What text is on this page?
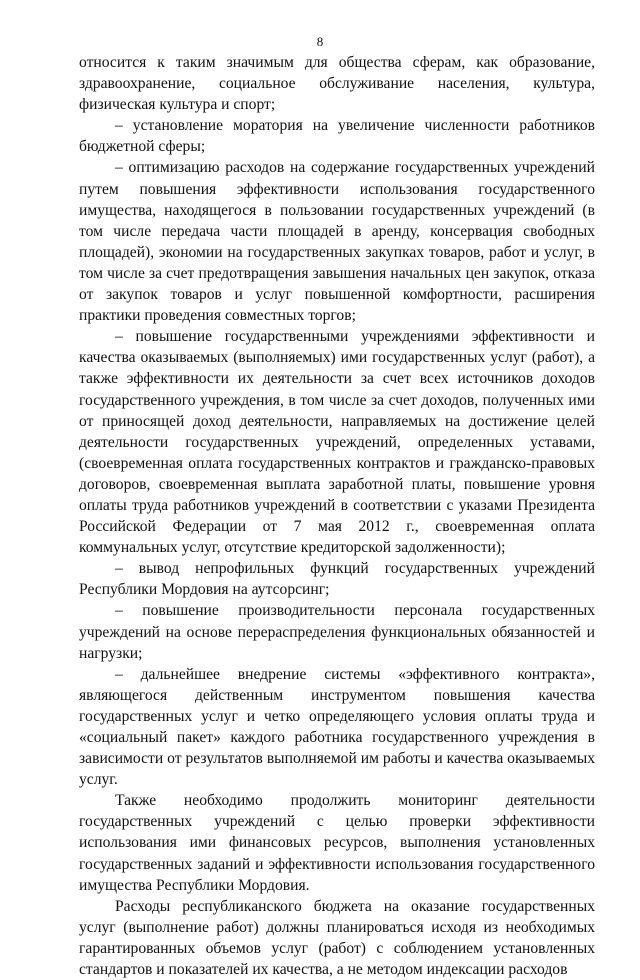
8

относится к таким значимым для общества сферам, как образование, здравоохранение, социальное обслуживание населения, культура, физическая культура и спорт;

– установление моратория на увеличение численности работников бюджетной сферы;

– оптимизацию расходов на содержание государственных учреждений путем повышения эффективности использования государственного имущества, находящегося в пользовании государственных учреждений (в том числе передача части площадей в аренду, консервация свободных площадей), экономии на государственных закупках товаров, работ и услуг, в том числе за счет предотвращения завышения начальных цен закупок, отказа от закупок товаров и услуг повышенной комфортности, расширения практики проведения совместных торгов;

– повышение государственными учреждениями эффективности и качества оказываемых (выполняемых) ими государственных услуг (работ), а также эффективности их деятельности за счет всех источников доходов государственного учреждения, в том числе за счет доходов, полученных ими от приносящей доход деятельности, направляемых на достижение целей деятельности государственных учреждений, определенных уставами, (своевременная оплата государственных контрактов и гражданско-правовых договоров, своевременная выплата заработной платы, повышение уровня оплаты труда работников учреждений в соответствии с указами Президента Российской Федерации от 7 мая 2012 г., своевременная оплата коммунальных услуг, отсутствие кредиторской задолженности);

– вывод непрофильных функций государственных учреждений Республики Мордовия на аутсорсинг;

– повышение производительности персонала государственных учреждений на основе перераспределения функциональных обязанностей и нагрузки;

– дальнейшее внедрение системы «эффективного контракта», являющегося действенным инструментом повышения качества государственных услуг и четко определяющего условия оплаты труда и «социальный пакет» каждого работника государственного учреждения в зависимости от результатов выполняемой им работы и качества оказываемых услуг.

Также необходимо продолжить мониторинг деятельности государственных учреждений с целью проверки эффективности использования ими финансовых ресурсов, выполнения установленных государственных заданий и эффективности использования государственного имущества Республики Мордовия.

Расходы республиканского бюджета на оказание государственных услуг (выполнение работ) должны планироваться исходя из необходимых гарантированных объемов услуг (работ) с соблюдением установленных стандартов и показателей их качества, а не методом индексации расходов
